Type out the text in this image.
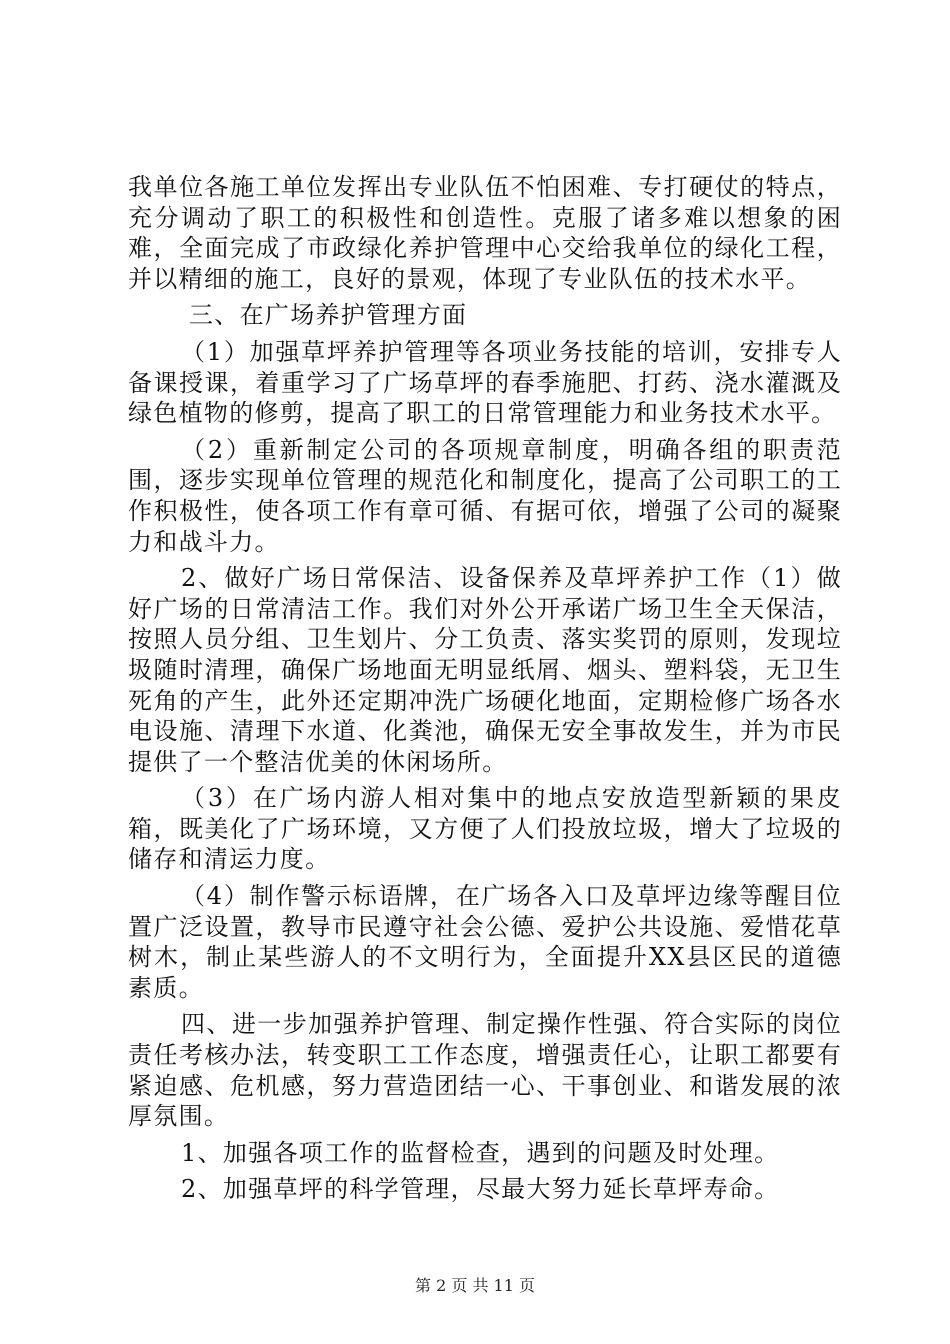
我单位各施工单位发挥出专业队伍不怕困难、专打硬仗的特点，充分调动了职工的积极性和创造性。克服了诸多难以想象的困难，全面完成了市政绿化养护管理中心交给我单位的绿化工程，并以精细的施工，良好的景观，体现了专业队伍的技术水平。

三、在广场养护管理方面

（1）加强草坪养护管理等各项业务技能的培训，安排专人备课授课，着重学习了广场草坪的春季施肥、打药、浇水灌溉及绿色植物的修剪，提高了职工的日常管理能力和业务技术水平。

（2）重新制定公司的各项规章制度，明确各组的职责范围，逐步实现单位管理的规范化和制度化，提高了公司职工的工作积极性，使各项工作有章可循、有据可依，增强了公司的凝聚力和战斗力。

2、做好广场日常保洁、设备保养及草坪养护工作（1）做好广场的日常清洁工作。我们对外公开承诺广场卫生全天保洁，按照人员分组、卫生划片、分工负责、落实奖罚的原则，发现垃圾随时清理，确保广场地面无明显纸屑、烟头、塑料袋，无卫生死角的产生，此外还定期冲洗广场硬化地面，定期检修广场各水电设施、清理下水道、化粪池，确保无安全事故发生，并为市民提供了一个整洁优美的休闲场所。

（3）在广场内游人相对集中的地点安放造型新颖的果皮箱，既美化了广场环境，又方便了人们投放垃圾，增大了垃圾的储存和清运力度。

（4）制作警示标语牌，在广场各入口及草坪边缘等醒目位置广泛设置，教导市民遵守社会公德、爱护公共设施、爱惜花草树木，制止某些游人的不文明行为，全面提升XX县区民的道德素质。

四、进一步加强养护管理、制定操作性强、符合实际的岗位责任考核办法，转变职工工作态度，增强责任心，让职工都要有紧迫感、危机感，努力营造团结一心、干事创业、和谐发展的浓厚氛围。

1、加强各项工作的监督检查，遇到的问题及时处理。

2、加强草坪的科学管理，尽最大努力延长草坪寿命。

第 2 页 共 11 页
